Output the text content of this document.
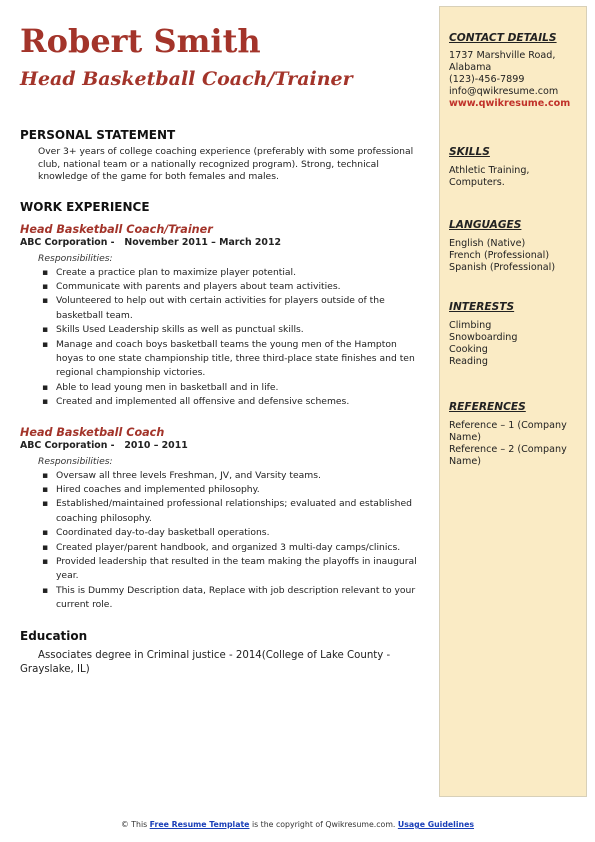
Robert Smith
Head Basketball Coach/Trainer
PERSONAL STATEMENT

Over 3+ years of college coaching experience (preferably with some professional club, national team or a nationally recognized program). Strong, technical knowledge of the game for both females and males.

WORK EXPERIENCE

Head Basketball Coach/Trainer

ABC Corporation -   November 2011 – March 2012

Responsibilities:

▪ Create a practice plan to maximize player potential.
▪ Communicate with parents and players about team activities.
▪ Volunteered to help out with certain activities for players outside of the basketball team.
▪ Skills Used Leadership skills as well as punctual skills.
▪ Manage and coach boys basketball teams the young men of the Hampton hoyas to one state championship title, three third-place state finishes and ten regional championship victories.
▪ Able to lead young men in basketball and in life.
▪ Created and implemented all offensive and defensive schemes.

Head Basketball Coach

ABC Corporation -   2010 – 2011

Responsibilities:

▪ Oversaw all three levels Freshman, JV, and Varsity teams.
▪ Hired coaches and implemented philosophy.
▪ Established/maintained professional relationships; evaluated and established coaching philosophy.
▪ Coordinated day-to-day basketball operations.
▪ Created player/parent handbook, and organized 3 multi-day camps/clinics.
▪ Provided leadership that resulted in the team making the playoffs in inaugural year.
▪ This is Dummy Description data, Replace with job description relevant to your current role.
Education

Associates degree in Criminal justice - 2014(College of Lake County - Grayslake, IL)

CONTACT DETAILS

1737 Marshville Road, Alabama

(123)-456-7899

info@qwikresume.com

www.qwikresume.com

SKILLS

Athletic Training, Computers.

LANGUAGES

English (Native)

French (Professional)

Spanish (Professional)

INTERESTS

Climbing

Snowboarding

Cooking

Reading

REFERENCES

Reference – 1 (Company Name)

Reference – 2 (Company Name)

© This Free Resume Template is the copyright of Qwikresume.com. Usage Guidelines
